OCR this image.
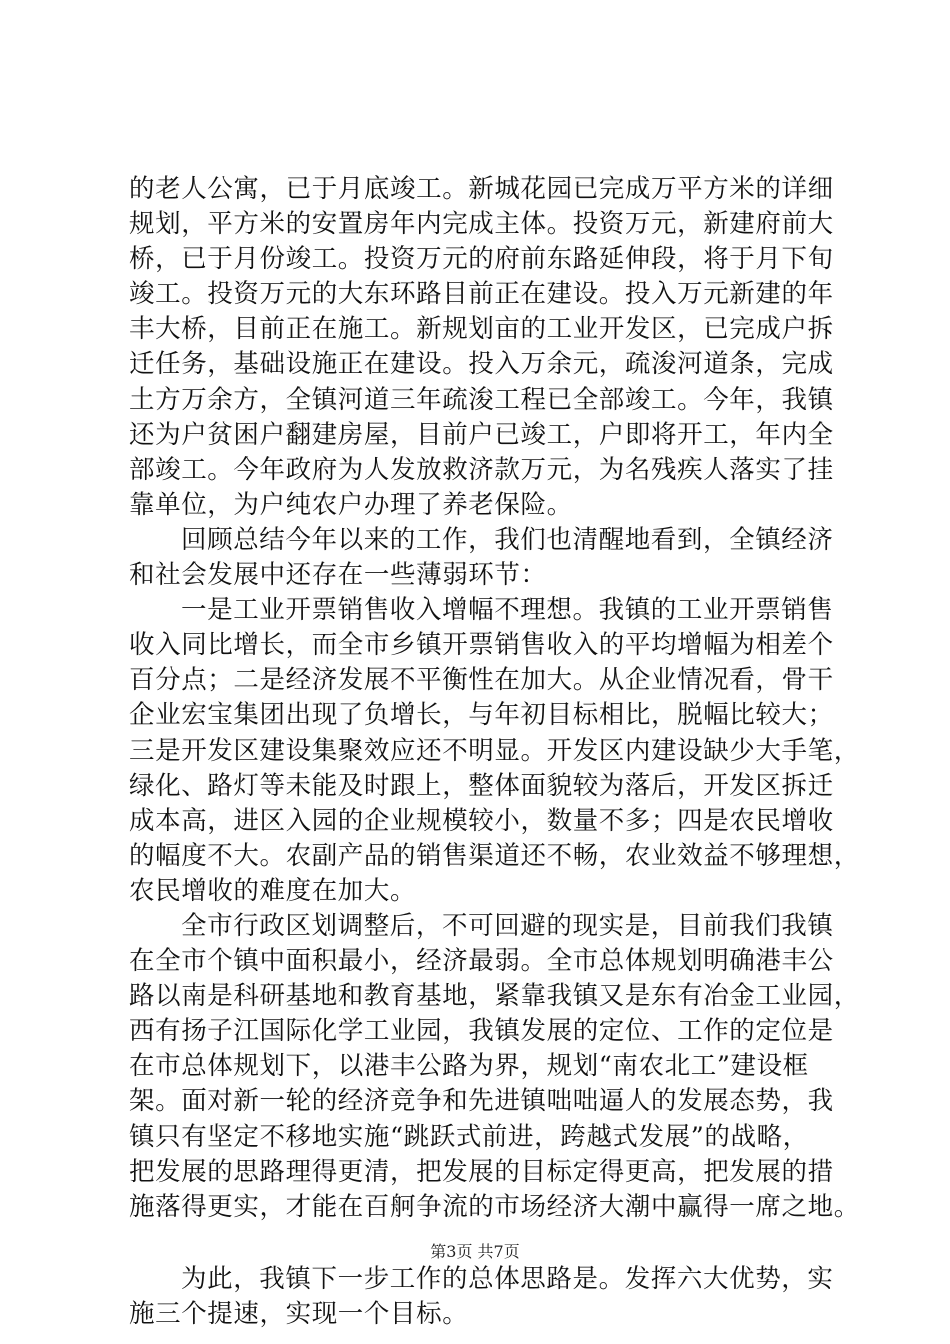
的老人公寓，已于月底竣工。新城花园已完成万平方米的详细
规划，平方米的安置房年内完成主体。投资万元，新建府前大
桥，已于月份竣工。投资万元的府前东路延伸段，将于月下旬
竣工。投资万元的大东环路目前正在建设。投入万元新建的年
丰大桥，目前正在施工。新规划亩的工业开发区，已完成户拆
迁任务，基础设施正在建设。投入万余元，疏浚河道条，完成
土方万余方，全镇河道三年疏浚工程已全部竣工。今年，我镇
还为户贫困户翻建房屋，目前户已竣工，户即将开工，年内全
部竣工。今年政府为人发放救济款万元，为名残疾人落实了挂
靠单位，为户纯农户办理了养老保险。
回顾总结今年以来的工作，我们也清醒地看到，全镇经济
和社会发展中还存在一些薄弱环节：
一是工业开票销售收入增幅不理想。我镇的工业开票销售
收入同比增长，而全市乡镇开票销售收入的平均增幅为相差个
百分点；二是经济发展不平衡性在加大。从企业情况看，骨干
企业宏宝集团出现了负增长，与年初目标相比，脱幅比较大；
三是开发区建设集聚效应还不明显。开发区内建设缺少大手笔，
绿化、路灯等未能及时跟上，整体面貌较为落后，开发区拆迁
成本高，进区入园的企业规模较小，数量不多；四是农民增收
的幅度不大。农副产品的销售渠道还不畅，农业效益不够理想，
农民增收的难度在加大。
全市行政区划调整后，不可回避的现实是，目前我们我镇
在全市个镇中面积最小，经济最弱。全市总体规划明确港丰公
路以南是科研基地和教育基地，紧靠我镇又是东有冶金工业园，
西有扬子江国际化学工业园，我镇发展的定位、工作的定位是
在市总体规划下，以港丰公路为界，规划“南农北工”建设框
架。面对新一轮的经济竞争和先进镇咄咄逼人的发展态势，我
镇只有坚定不移地实施“跳跃式前进，跨越式发展”的战略，
把发展的思路理得更清，把发展的目标定得更高，把发展的措
施落得更实，才能在百舸争流的市场经济大潮中赢得一席之地。
为此，我镇下一步工作的总体思路是。发挥六大优势，实
施三个提速，实现一个目标。
第3页 共7页
